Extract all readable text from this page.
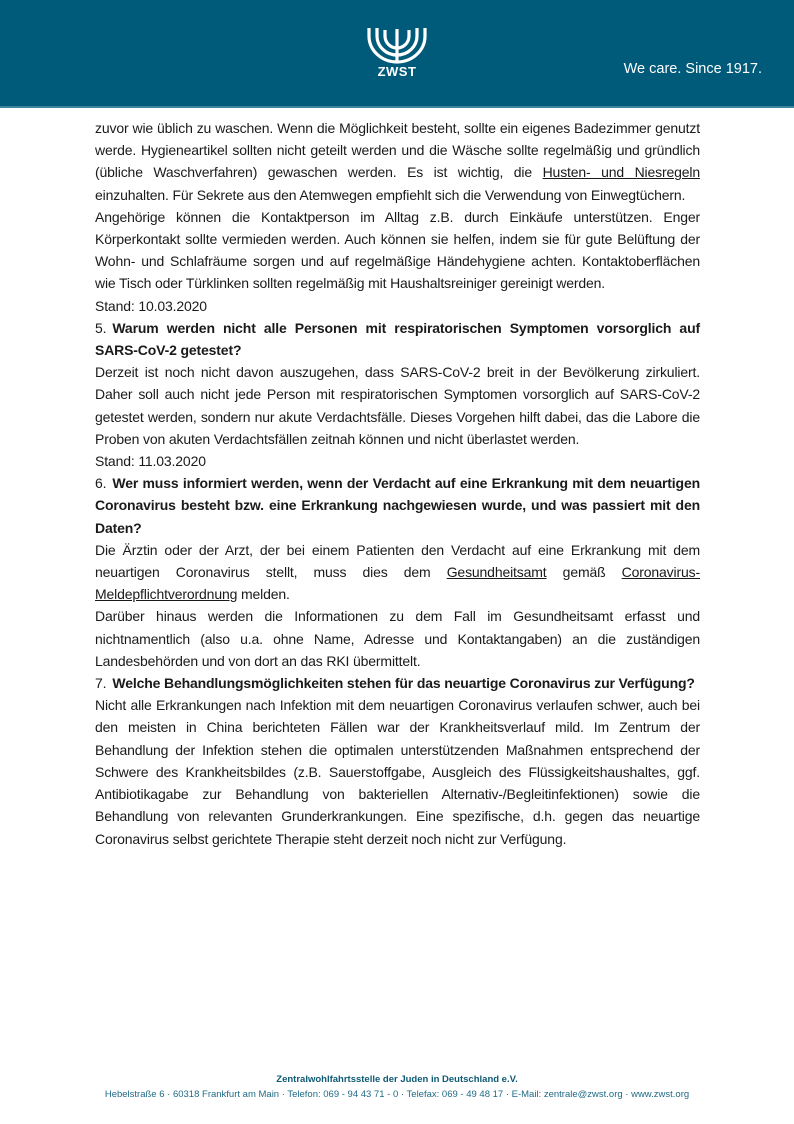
ZWST	We care. Since 1917.

zuvor wie üblich zu waschen. Wenn die Möglichkeit besteht, sollte ein eigenes Badezimmer genutzt werde. Hygieneartikel sollten nicht geteilt werden und die Wäsche sollte regelmäßig und gründlich (übliche Waschverfahren) gewaschen werden. Es ist wichtig, die Husten- und Niesregeln einzuhalten. Für Sekrete aus den Atemwegen empfiehlt sich die Verwendung von Einwegtüchern.

Angehörige können die Kontaktperson im Alltag z.B. durch Einkäufe unterstützen. Enger Körperkontakt sollte vermieden werden. Auch können sie helfen, indem sie für gute Belüftung der Wohn- und Schlafräume sorgen und auf regelmäßige Händehygiene achten. Kontaktoberflächen wie Tisch oder Türklinken sollten regelmäßig mit Haushaltsreiniger gereinigt werden.

Stand: 10.03.2020

5. Warum werden nicht alle Personen mit respiratorischen Symptomen vorsorglich auf SARS-CoV-2 getestet?

Derzeit ist noch nicht davon auszugehen, dass SARS-CoV-2 breit in der Bevölkerung zirkuliert. Daher soll auch nicht jede Person mit respiratorischen Symptomen vorsorglich auf SARS-CoV-2 getestet werden, sondern nur akute Verdachtsfälle. Dieses Vorgehen hilft dabei, das die Labore die Proben von akuten Verdachtsfällen zeitnah können und nicht überlastet werden.

Stand: 11.03.2020

6. Wer muss informiert werden, wenn der Verdacht auf eine Erkrankung mit dem neuartigen Coronavirus besteht bzw. eine Erkrankung nachgewiesen wurde, und was passiert mit den Daten?

Die Ärztin oder der Arzt, der bei einem Patienten den Verdacht auf eine Erkrankung mit dem neuartigen Coronavirus stellt, muss dies dem Gesundheitsamt gemäß Coronavirus-Meldepflichtverordnung melden.

Darüber hinaus werden die Informationen zu dem Fall im Gesundheitsamt erfasst und nichtnamentlich (also u.a. ohne Name, Adresse und Kontaktangaben) an die zuständigen Landesbehörden und von dort an das RKI übermittelt.

7. Welche Behandlungsmöglichkeiten stehen für das neuartige Coronavirus zur Verfügung?

Nicht alle Erkrankungen nach Infektion mit dem neuartigen Coronavirus verlaufen schwer, auch bei den meisten in China berichteten Fällen war der Krankheitsverlauf mild. Im Zentrum der Behandlung der Infektion stehen die optimalen unterstützenden Maßnahmen entsprechend der Schwere des Krankheitsbildes (z.B. Sauerstoffgabe, Ausgleich des Flüssigkeitshaushaltes, ggf. Antibiotikagabe zur Behandlung von bakteriellen Alternativ-/Begleitinfektionen) sowie die Behandlung von relevanten Grunderkrankungen. Eine spezifische, d.h. gegen das neuartige Coronavirus selbst gerichtete Therapie steht derzeit noch nicht zur Verfügung.

Zentralwohlfahrtsstelle der Juden in Deutschland e.V.
Hebelstraße 6 · 60318 Frankfurt am Main · Telefon: 069 - 94 43 71 - 0 · Telefax: 069 - 49 48 17 · E-Mail: zentrale@zwst.org · www.zwst.org
